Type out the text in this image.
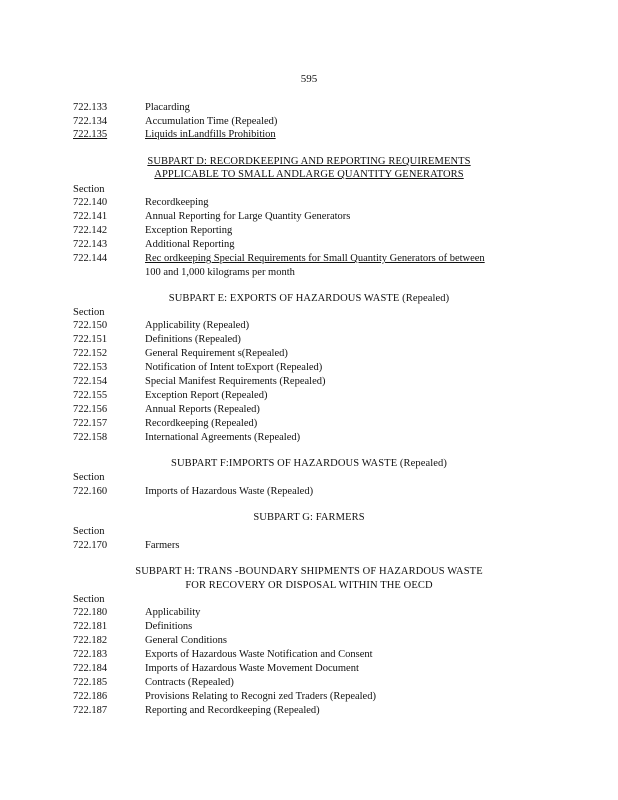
595
722.133	Placarding
722.134	Accumulation Time (Repealed)
722.135	Liquids inLandfills Prohibition
SUBPART D: RECORDKEEPING AND REPORTING REQUIREMENTS
APPLICABLE TO SMALL ANDLARGE QUANTITY GENERATORS
Section
722.140	Recordkeeping
722.141	Annual Reporting for Large Quantity Generators
722.142	Exception Reporting
722.143	Additional Reporting
722.144	Rec ordkeeping Special Requirements for Small Quantity Generators of between
100 and 1,000 kilograms per month
SUBPART E: EXPORTS OF HAZARDOUS WASTE (Repealed)
Section
722.150	Applicability (Repealed)
722.151	Definitions (Repealed)
722.152	General Requirement s(Repealed)
722.153	Notification of Intent toExport (Repealed)
722.154	Special Manifest Requirements (Repealed)
722.155	Exception Report (Repealed)
722.156	Annual Reports (Repealed)
722.157	Recordkeeping (Repealed)
722.158	International Agreements (Repealed)
SUBPART F:IMPORTS OF HAZARDOUS WASTE (Repealed)
Section
722.160	Imports of Hazardous Waste (Repealed)
SUBPART G: FARMERS
Section
722.170	Farmers
SUBPART H: TRANS -BOUNDARY SHIPMENTS OF HAZARDOUS WASTE
FOR RECOVERY OR DISPOSAL WITHIN THE OECD
Section
722.180	Applicability
722.181	Definitions
722.182	General Conditions
722.183	Exports of Hazardous Waste Notification and Consent
722.184	Imports of Hazardous Waste Movement Document
722.185	Contracts (Repealed)
722.186	Provisions Relating to Recogni zed Traders (Repealed)
722.187	Reporting and Recordkeeping (Repealed)
